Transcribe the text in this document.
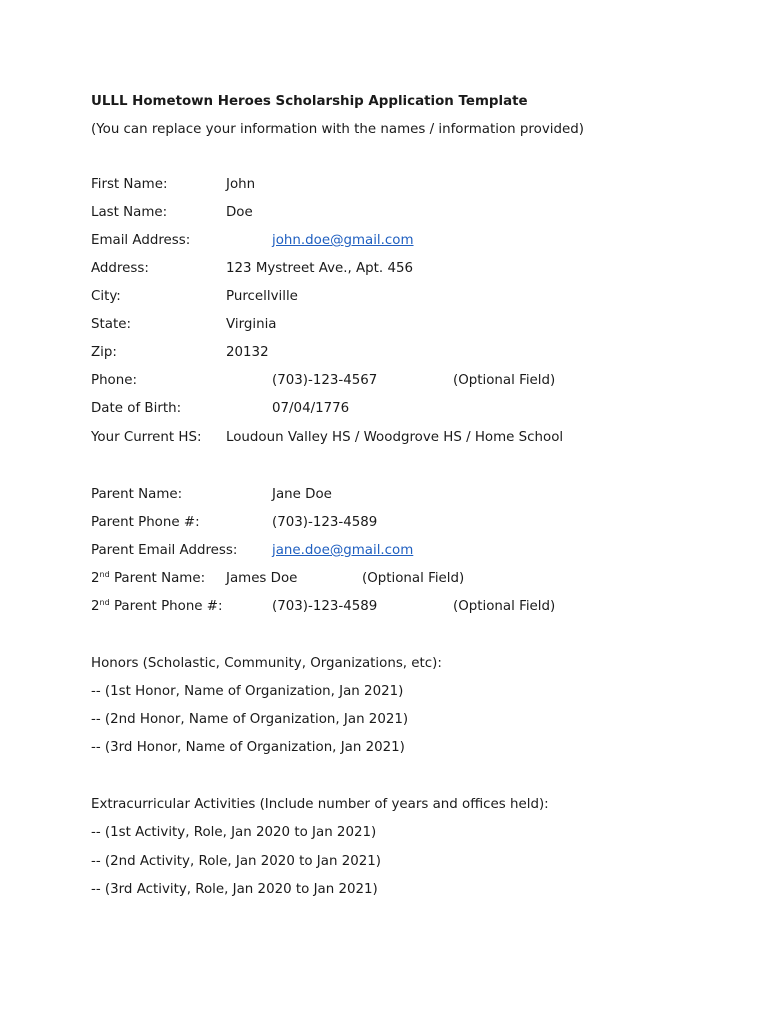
ULLL Hometown Heroes Scholarship Application Template
(You can replace your information with the names / information provided)
First Name:	John
Last Name:	Doe
Email Address:	john.doe@gmail.com
Address:	123 Mystreet Ave., Apt. 456
City:	Purcellville
State:	Virginia
Zip:	20132
Phone:	(703)-123-4567	(Optional Field)
Date of Birth:	07/04/1776
Your Current HS: Loudoun Valley HS / Woodgrove HS / Home School
Parent Name:	Jane Doe
Parent Phone #:	(703)-123-4589
Parent Email Address:	jane.doe@gmail.com
2nd Parent Name: James Doe	(Optional Field)
2nd Parent Phone #:	(703)-123-4589	(Optional Field)
Honors (Scholastic, Community, Organizations, etc):
-- (1st Honor, Name of Organization, Jan 2021)
-- (2nd Honor, Name of Organization, Jan 2021)
-- (3rd Honor, Name of Organization, Jan 2021)
Extracurricular Activities (Include number of years and offices held):
-- (1st Activity, Role, Jan 2020 to Jan 2021)
-- (2nd Activity, Role, Jan 2020 to Jan 2021)
-- (3rd Activity, Role, Jan 2020 to Jan 2021)
